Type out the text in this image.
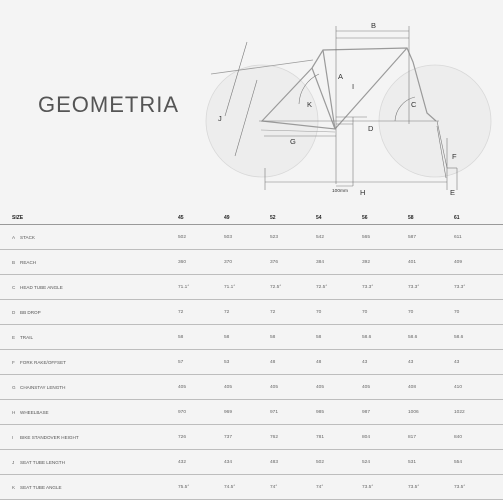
GEOMETRIA
B
A
I
K	C
J
D
G
F
H	E
100mm
SIZE	45	49	52	54	56	58	61
A STACK	502	503	523	542	565	587	611
B REACH	360	370	376	384	392	401	409
C HEAD TUBE ANGLE	71.1°	71.1°	72.5°	72.5°	73.3°	73.3°	73.3°
D BB DROP	72	72	72	70	70	70	70
E TRAIL	58	58	58	58	58.6	58.6	58.6
F FORK RAKE/OFFSET	57	53	48	48	43	43	43
G CHAINSTAY LENGTH	405	405	405	405	405	408	410
H WHEELBASE	970	969	971	985	987	1006	1022
I BIKE STANDOVER HEIGHT	726	737	762	781	804	817	840
J SEAT TUBE LENGTH	432	434	483	502	524	531	554
K SEAT TUBE ANGLE	75.5°	74.5°	74°	74°	73.5°	73.5°	73.5°
